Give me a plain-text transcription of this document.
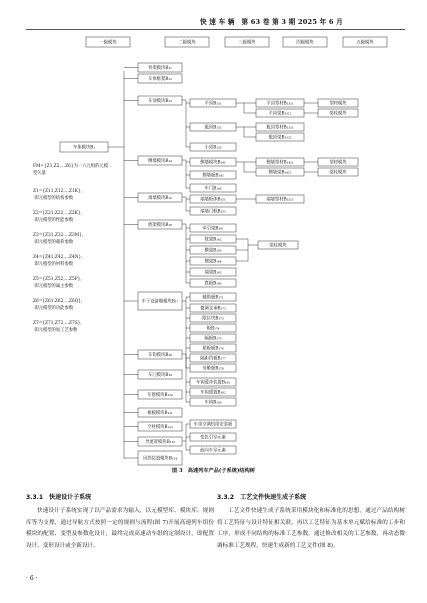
快 速 车 辆　第 63 卷 第 3 期 2025 年 6 月
一级模块	二级模块	三级模块	四级模块	五级模块
车体模块B₁
FM={Z1,Z2,…Z6}为一六元组的元模型矢量
Z1={Z11,Z12,…Z1K}, 即元模型的结构参数
Z2={Z21,Z22,…Z2K}, 即元模型的性能参数
Z3={Z31,Z32,…Z3M}, 即元模型的载荷参数
Z4={Z41,Z42,…Z4N}, 即元模型的材料参数
Z5={Z51,Z52,…Z5P}, 即元模型的属主参数
Z6={Z61,Z62,…Z6Q}, 即元模型的功能参数
Z7={Z71,Z72,…Z7S}, 即元模型的加工艺参数
骨架模块B₁₁
车体框架B₁₂
车顶模块B₁₃
侧墙模块B₁₄
端墙模块B₁₅
底架模块B₁₆
车下设备舱模块B₁₇
车钩模块B₁₈
车门模块B₁₉
车窗模块B₁₁₀
裙板模块B₁₁₁
空材模块B₁₁₂
导流罩模块B₁₁₃
风挡装置模块B₁₁₄
平顶B₁₃₁
瓶顶B₁₃₂
小顶B₁₃₃
侧墙模块B₁₄₁
侧墙板B₁₄₂
车门B₁₄₃
端墙板体B₁₅₁
端墙门框B₁₅₂
牵引梁B₁₆₁
枕梁B₁₆₂
横梁B₁₆₃
侧梁B₁₆₄
端梁B₁₆₅
底板B₁₆₆
辅助板B₁₇₁
微调支承B₁₇₂
限位块B₁₇₃
板B₁₇₄
隔板B₁₇₅
裙板板B₁₇₆
隔距挡板B₁₇₇
母舱板B₁₇₈
车钩缓冲装置B₁₈₁
车钩缓置B₁₈₂
车钩B₁₈₃
车顶空调机组安装板
变色引导元素
前向车导元素
平顶型材B₁₃₁₁
平顶梁B₁₃₁₂
瓶顶型材B₁₃₂₁
瓶顶梁B₁₃₂₂
侧墙型材B₁₄₁₁
侧墙梁B₁₄₁₂
端墙型材B₁₅₁₁
型材模块
梁柱模块
型材模块
梁柱模块
梁柱模块
图 3　高速列车产品(子系统)结构树
3.3.1　快速设计子系统

快速设计子系统实现了以产品需求为输入，以元模型库、模块库、规则库等为支撑，通过导航方式按照一定的规则与流程(图 7)开展高速列车组份模块的配置、变型及参数化设计，最终完成高速动车组的定制设计，即配置设计、变形设计或全新设计。

3.3.2　工艺文件快速生成子系统

工艺文件快速生成子系统采用模块化和标准化的思想，通过产品结构树将工艺特征与设计特征相关联，再以工艺特征为基本单元赋给标准的工步和工序，形成不同结构的标准工艺参数。通过修改相关的工艺参数，再动态微调标准工艺规程，快速生成新的工艺文件(图 8)。

· 6 ·
